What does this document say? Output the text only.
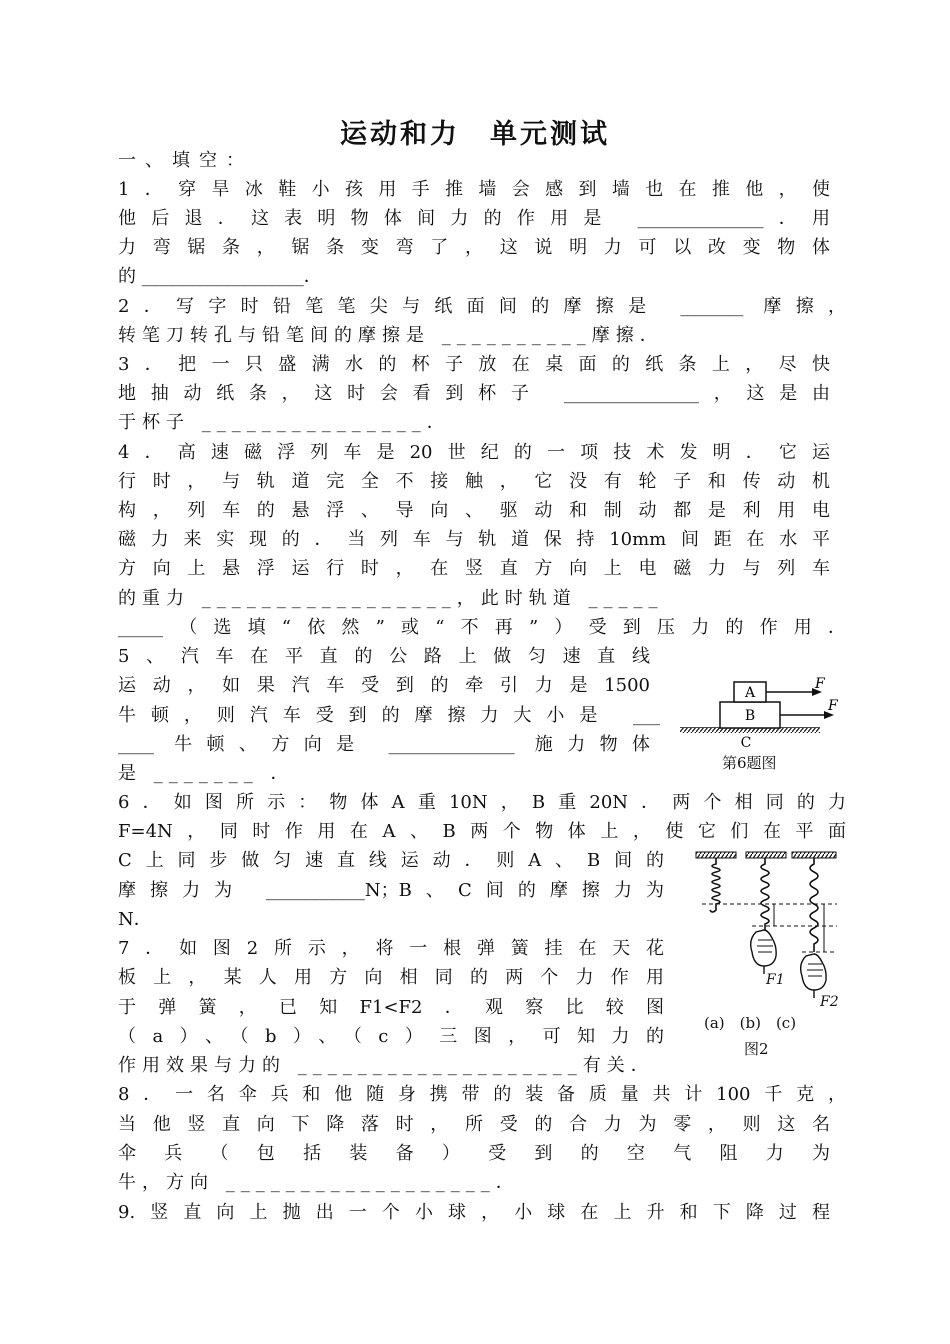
运动和力　单元测试
一、填空：
1．穿旱冰鞋小孩用手推墙会感到墙也在推他，使
他后退．这表明物体间力的作用是 ______________．用
力弯锯条，锯条变弯了，这说明力可以改变物体
的 __________________．
2．写字时铅笔笔尖与纸面间的摩擦是 _______ 摩擦，
转笔刀转孔与铅笔间的摩擦是 __________摩擦．
3．把一只盛满水的杯子放在桌面的纸条上，尽快
地抽动纸条，这时会看到杯子 _______________，这是由
于杯子 _______________．
4．高速磁浮列车是20世纪的一项技术发明．它运
行时，与轨道完全不接触，它没有轮子和传动机
构，列车的悬浮、导向、驱动和制动都是利用电
磁力来实现的．当列车与轨道保持10mm间距在水平
方向上悬浮运行时，在竖直方向上电磁力与列车
的重力 _________________，此时轨道 _____
_____（选填“依然”或“不再”）受到压力的作用．
5、汽车在平直的公路上做匀速直线
运动，如果汽车受到的牵引力是1500
牛顿，则汽车受到的摩擦力大小是 ___
____ 牛顿、方向是 ______________ 施力物体
是 _______ ．
A
B
C
F
F
第6题图
6．如图所示：物体A重10N，B重20N．两个相同的力
F=4N，同时作用在A、B两个物体上，使它们在平面
C上同步做匀速直线运动．则A、B间的
摩擦力为 ___________N；B、C间的摩擦力为
N．
F1
F2
(a)　(b)　(c)
图2
7．如图2所示，将一根弹簧挂在天花
板上，某人用方向相同的两个力作用
于弹簧，已知F1<F2．观察比较图
（a）、（b）、（c）三图，可知力的
作用效果与力的 ___________________有关．
8．一名伞兵和他随身携带的装备质量共计100千克，
当他竖直向下降落时，所受的合力为零，则这名
伞兵（包括装备）受到的空气阻力为
牛，方向 __________________．
9.竖直向上抛出一个小球，小球在上升和下降过程
